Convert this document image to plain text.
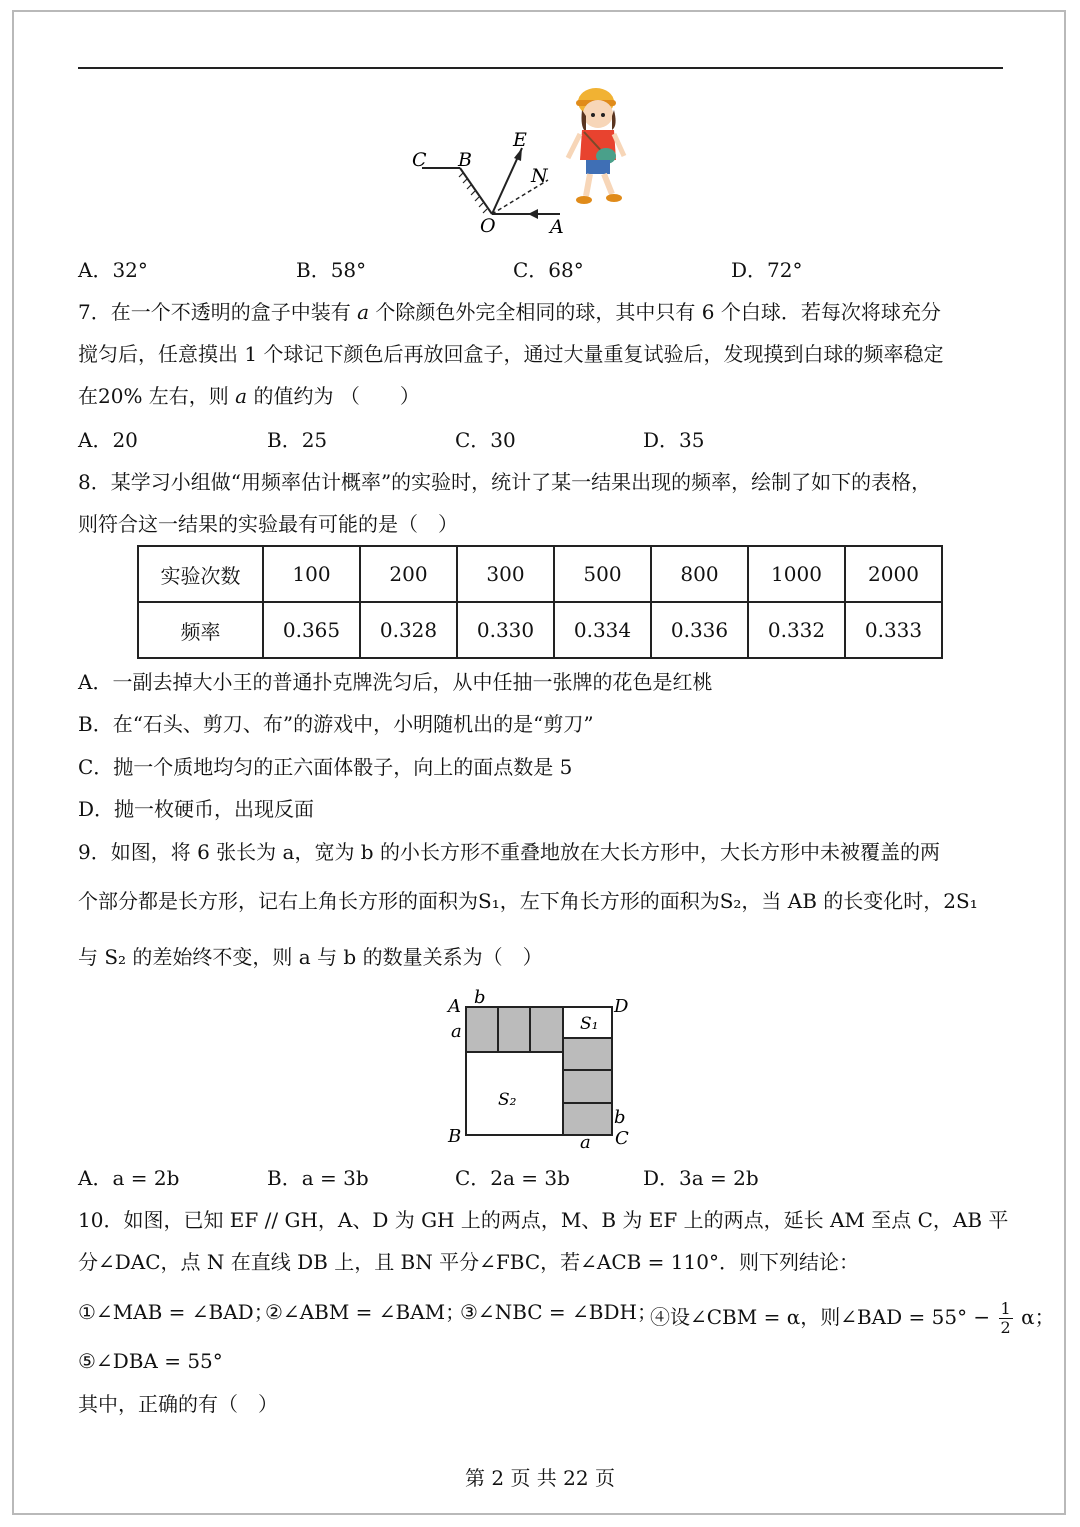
C B
E
N
O	A
A．32°	B．58°	C．68°	D．72°
7．在一个不透明的盒子中装有 a 个除颜色外完全相同的球，其中只有 6 个白球．若每次将球充分
搅匀后，任意摸出 1 个球记下颜色后再放回盒子，通过大量重复试验后，发现摸到白球的频率稳定
在20% 左右，则 a 的值约为 （　　）
A．20	B．25	C．30	D．35
8．某学习小组做“用频率估计概率”的实验时，统计了某一结果出现的频率，绘制了如下的表格，
则符合这一结果的实验最有可能的是（　）
实验次数	100	200	300	500	800	1000	2000
频率	0.365	0.328	0.330	0.334	0.336	0.332	0.333
A．一副去掉大小王的普通扑克牌洗匀后，从中任抽一张牌的花色是红桃
B．在“石头、剪刀、布”的游戏中，小明随机出的是“剪刀”
C．抛一个质地均匀的正六面体骰子，向上的面点数是 5
D．抛一枚硬币，出现反面
9．如图，将 6 张长为 a，宽为 b 的小长方形不重叠地放在大长方形中，大长方形中未被覆盖的两
个部分都是长方形，记右上角长方形的面积为S₁，左下角长方形的面积为S₂，当 AB 的长变化时，2S₁
与 S₂ 的差始终不变，则 a 与 b 的数量关系为（　）
A b	D
a	S₁
S₂
b
B	a C
A．a = 2b	B．a = 3b	C．2a = 3b	D．3a = 2b
10．如图，已知 EF // GH，A、D 为 GH 上的两点，M、B 为 EF 上的两点，延长 AM 至点 C，AB 平
分∠DAC，点 N 在直线 DB 上，且 BN 平分∠FBC，若∠ACB = 110°．则下列结论：
①∠MAB = ∠BAD；
②∠ABM = ∠BAM；
③∠NBC = ∠BDH；
④设∠CBM = α，则∠BAD = $55^\circ - \frac{1}{2}$ α；
⑤∠DBA = 55°
其中，正确的有（　）
第 2 页 共 22 页
